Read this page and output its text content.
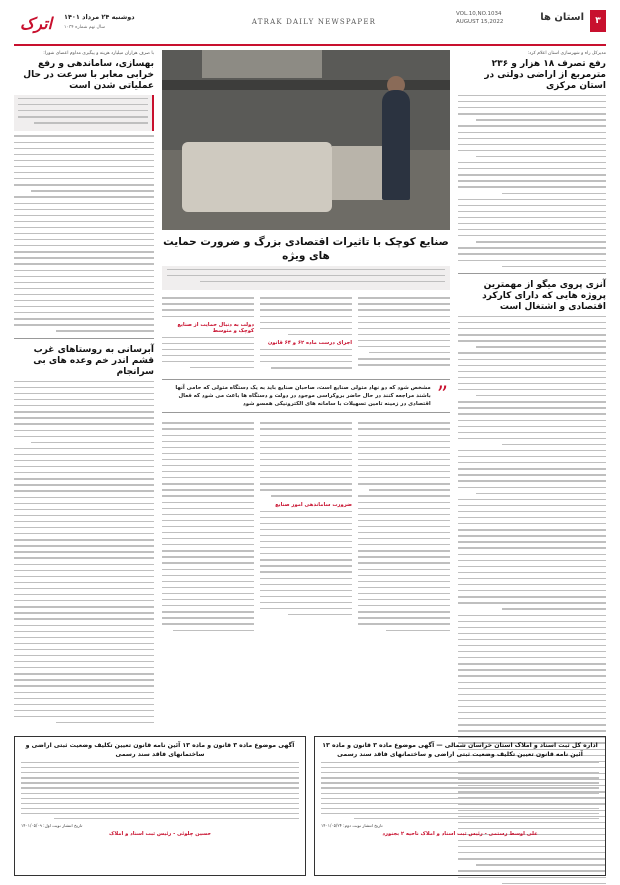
۳
استان ها
VOL.10,NO.1034
AUGUST 15,2022
ATRAK DAILY NEWSPAPER
اترک	دوشنبه ۲۴ مرداد ۱۴۰۱
سال نهم شماره ۱۰۳۴
مدیرکل راه و شهرسازی استان اعلام کرد:
رفع تصرف ۱۸ هزار و ۲۳۶ مترمربع از اراضی دولتی در استان مرکزی
آنزی پروی میگو از مهمترین پروژه هایی که دارای کارکرد اقتصادی و اشتغال است
صنایع کوچک با تاثیرات اقتصادی بزرگ و ضرورت حمایت های ویژه
اجرای درست ماده ۶۲ و ۶۴ قانون
دولت به دنبال حمایت از صنایع کوچک و متوسط
”
مشخص شود که دو نهاد متولی صنایع است، صاحبان صنایع باید به یک دستگاه متولی که حامی آنها باشند مراجعه کنند در حال حاضر بروکراسی موجود در دولت و دستگاه ها باعث می شود که فعال اقتصادی در زمینه تامین تسهیلات با سامانه های الکترونیکی همسو شود
ضرورت ساماندهی امور صنایع
با صرف هزاران میلیارد هزینه و پیگیری مداوم اعضای شورا:
بهسازی، ساماندهی و رفع خرابی معابر با سرعت در حال عملیاتی شدن است
آبرسانی به روستاهای غرب قشم اندر خم وعده های بی سرانجام
اداره کل ثبت اسناد و املاک استان خراسان شمالی — آگهی موضوع ماده ۳ قانون و ماده ۱۳ آئین نامه قانون تعیین تکلیف وضعیت ثبتی اراضی و ساختمانهای فاقد سند رسمی
تاریخ انتشار نوبت دوم: ۱۴۰۱/۰۵/۲۴
علی اوسط رستمی - رئیس ثبت اسناد و املاک ناحیه ۲ بجنورد
آگهی موضوع ماده ۳ قانون و ماده ۱۳ آئین نامه قانون تعیین تکلیف وضعیت ثبتی اراضی و ساختمانهای فاقد سند رسمی
تاریخ انتشار نوبت اول: ۱۴۰۱/۰۵/۰۹
حسین چلوئی - رئیس ثبت اسناد و املاک
